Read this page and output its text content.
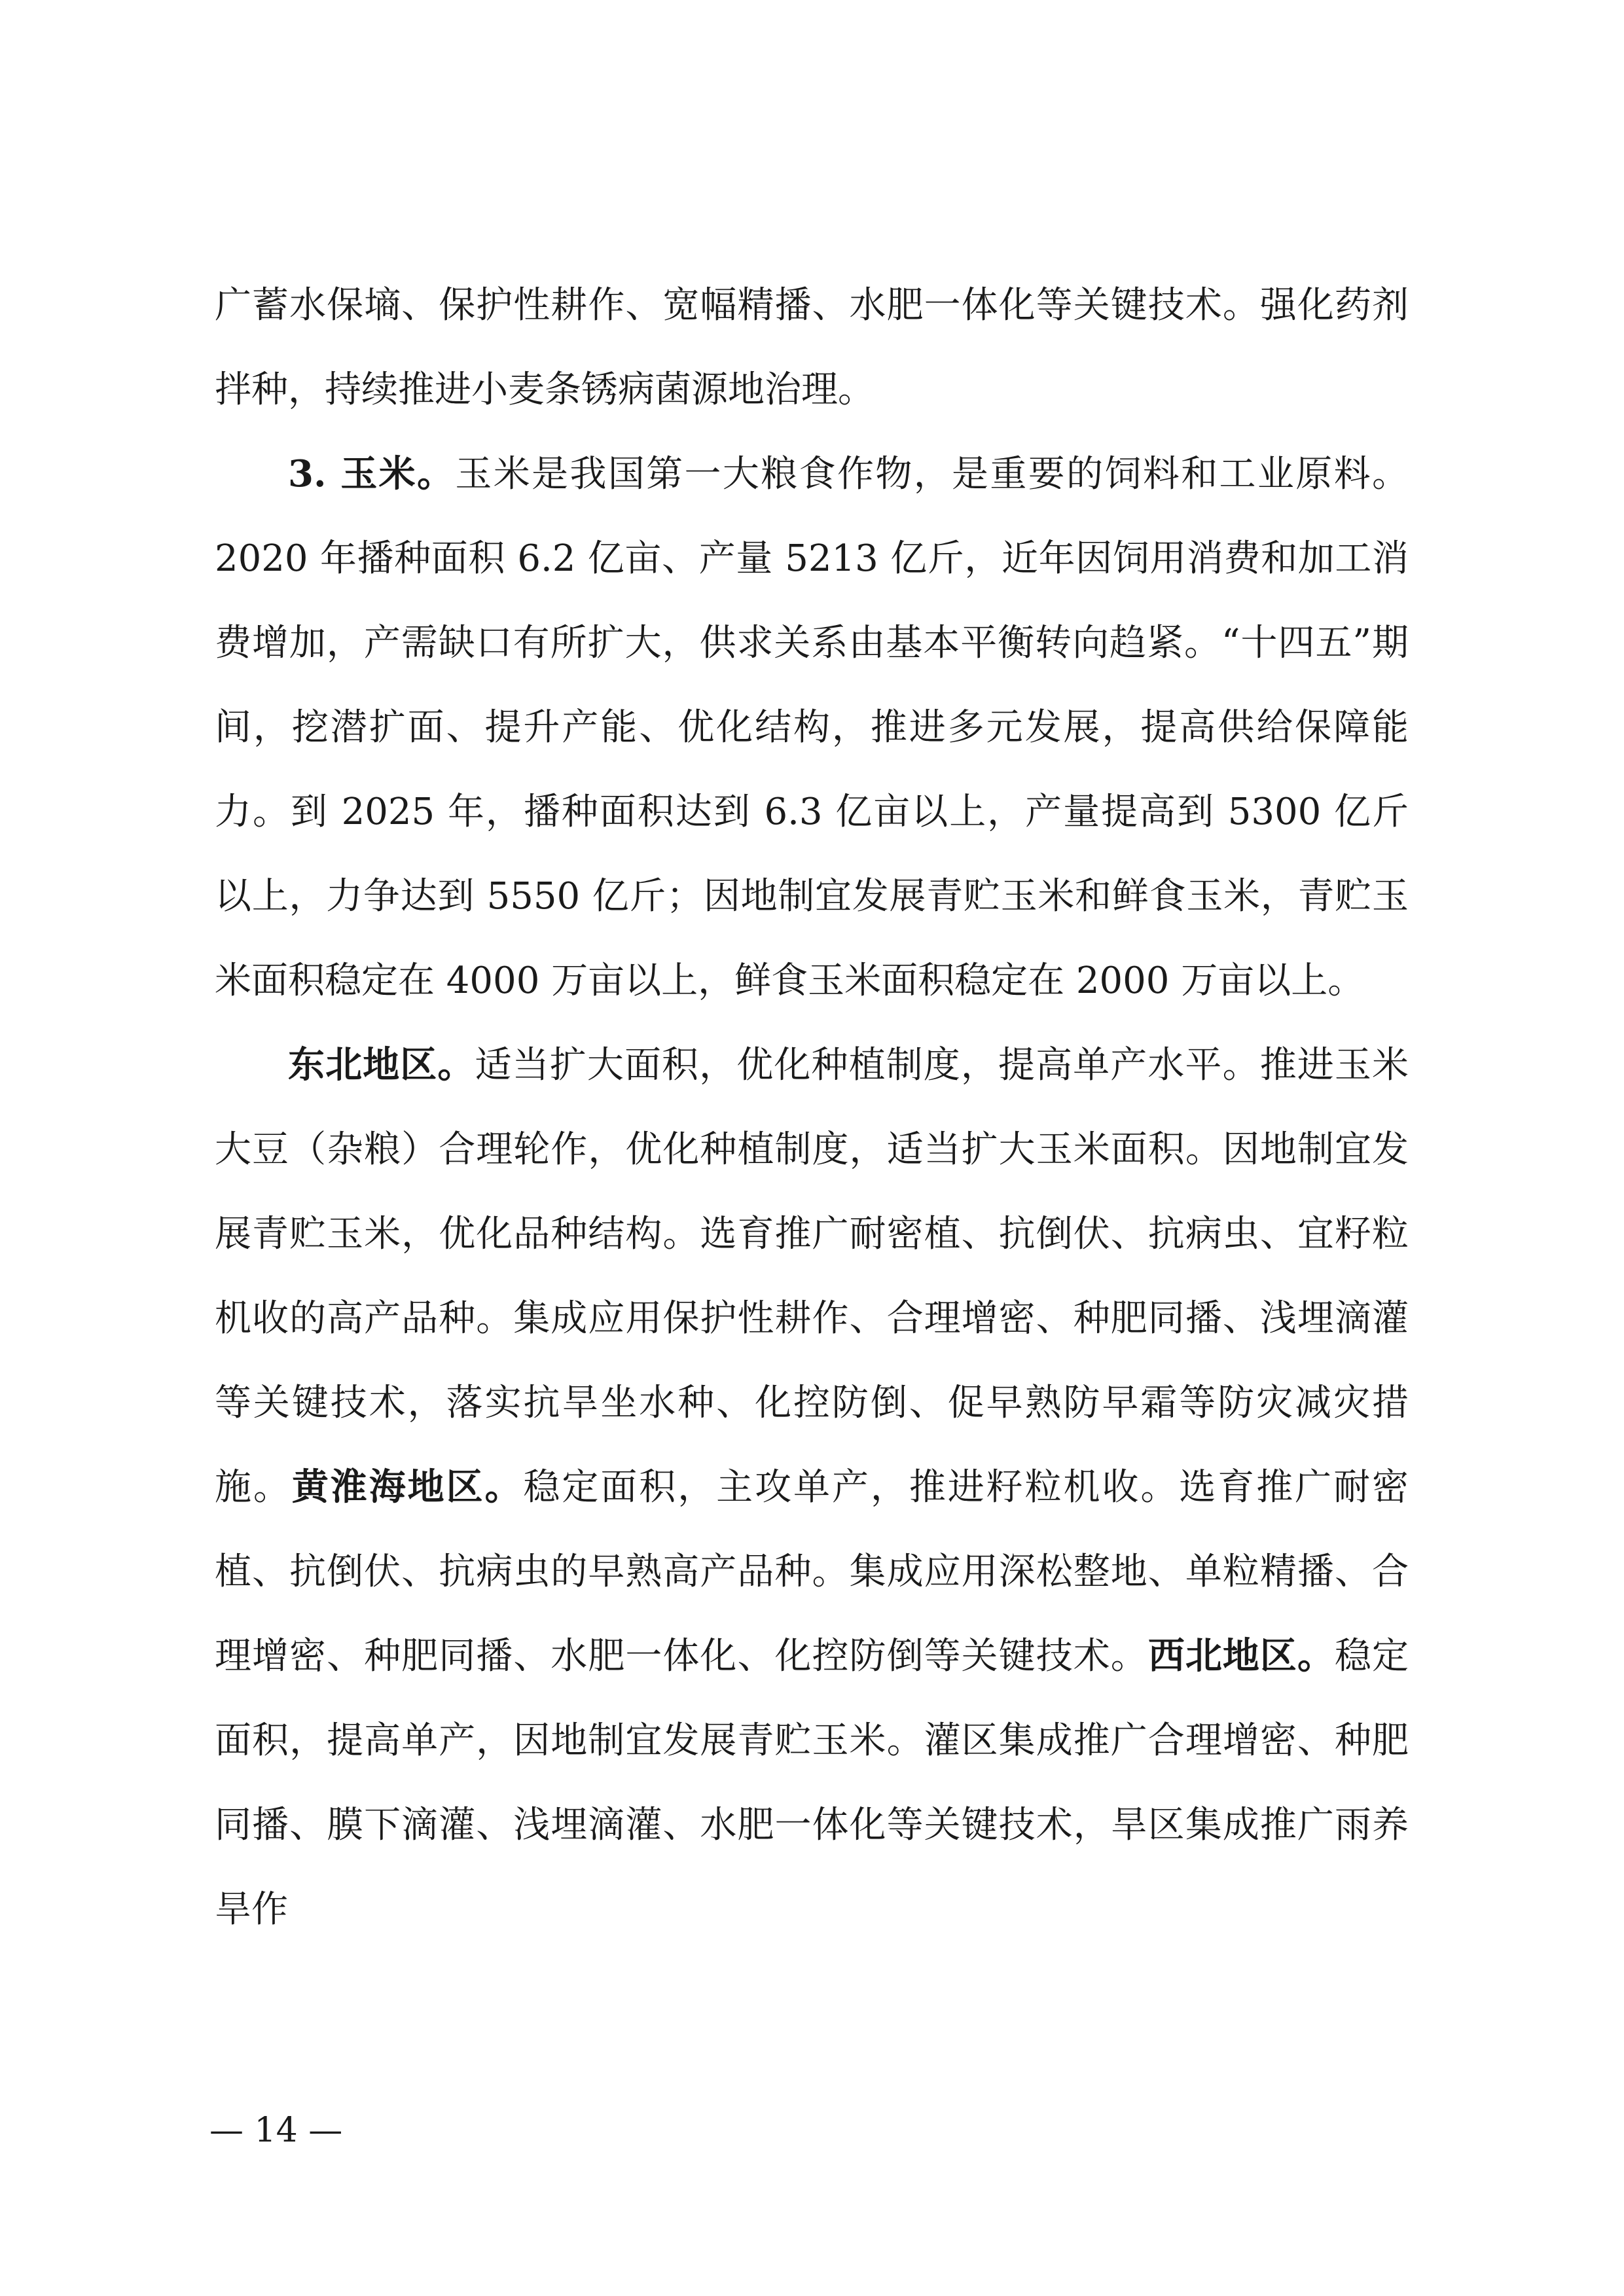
广蓄水保墒、保护性耕作、宽幅精播、水肥一体化等关键技术。强化药剂拌种，持续推进小麦条锈病菌源地治理。

3. 玉米。玉米是我国第一大粮食作物，是重要的饲料和工业原料。2020 年播种面积 6.2 亿亩、产量 5213 亿斤，近年因饲用消费和加工消费增加，产需缺口有所扩大，供求关系由基本平衡转向趋紧。“十四五”期间，挖潜扩面、提升产能、优化结构，推进多元发展，提高供给保障能力。到 2025 年，播种面积达到 6.3 亿亩以上，产量提高到 5300 亿斤以上，力争达到 5550 亿斤；因地制宜发展青贮玉米和鲜食玉米，青贮玉米面积稳定在 4000 万亩以上，鲜食玉米面积稳定在 2000 万亩以上。

东北地区。适当扩大面积，优化种植制度，提高单产水平。推进玉米大豆（杂粮）合理轮作，优化种植制度，适当扩大玉米面积。因地制宜发展青贮玉米，优化品种结构。选育推广耐密植、抗倒伏、抗病虫、宜籽粒机收的高产品种。集成应用保护性耕作、合理增密、种肥同播、浅埋滴灌等关键技术，落实抗旱坐水种、化控防倒、促早熟防早霜等防灾减灾措施。黄淮海地区。稳定面积，主攻单产，推进籽粒机收。选育推广耐密植、抗倒伏、抗病虫的早熟高产品种。集成应用深松整地、单粒精播、合理增密、种肥同播、水肥一体化、化控防倒等关键技术。西北地区。稳定面积，提高单产，因地制宜发展青贮玉米。灌区集成推广合理增密、种肥同播、膜下滴灌、浅埋滴灌、水肥一体化等关键技术，旱区集成推广雨养旱作

— 14 —
